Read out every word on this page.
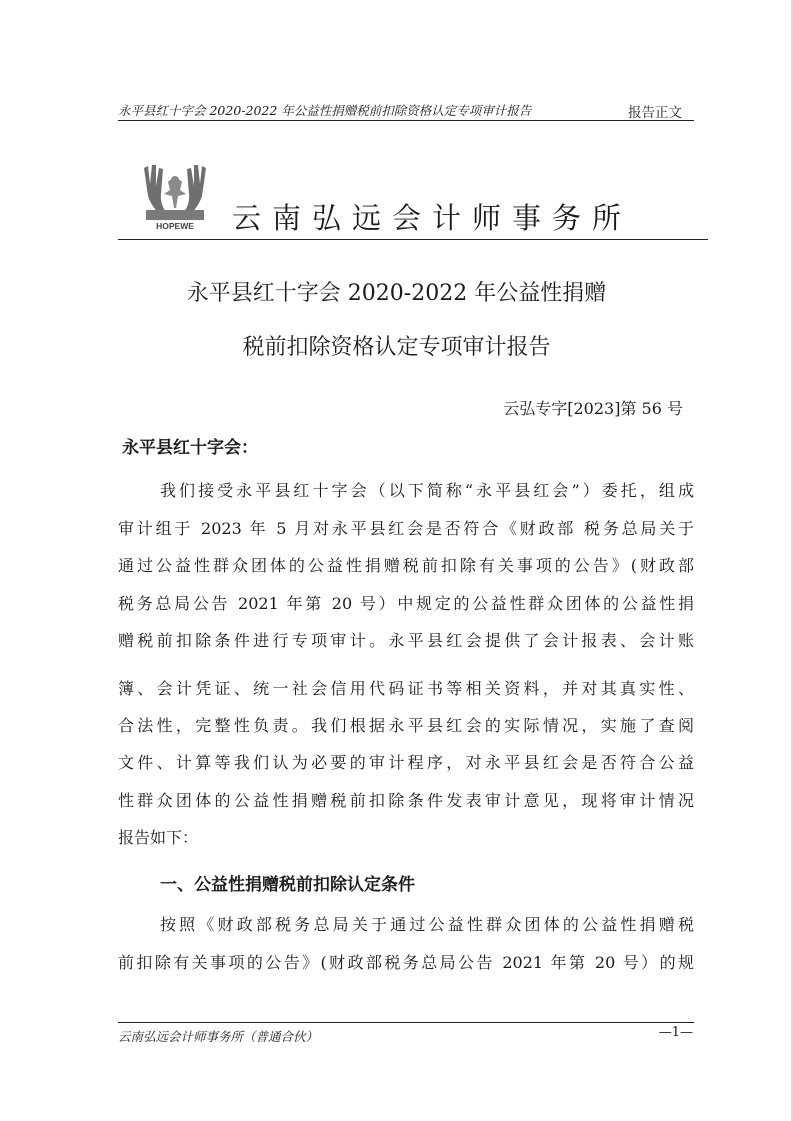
永平县红十字会 2020-2022 年公益性捐赠税前扣除资格认定专项审计报告	报告正文
HOPEWE 云南弘远会计师事务所
永平县红十字会 2020-2022 年公益性捐赠
税前扣除资格认定专项审计报告
云弘专字[2023]第 56 号
永平县红十字会：
我们接受永平县红十字会（以下简称“永平县红会”）委托，组成
审计组于 2023 年 5 月对永平县红会是否符合《财政部 税务总局关于
通过公益性群众团体的公益性捐赠税前扣除有关事项的公告》(财政部
税务总局公告 2021 年第 20 号）中规定的公益性群众团体的公益性捐
赠税前扣除条件进行专项审计。永平县红会提供了会计报表、会计账
簿、会计凭证、统一社会信用代码证书等相关资料，并对其真实性、
合法性，完整性负责。我们根据永平县红会的实际情况，实施了查阅
文件、计算等我们认为必要的审计程序，对永平县红会是否符合公益
性群众团体的公益性捐赠税前扣除条件发表审计意见，现将审计情况
报告如下：
一、公益性捐赠税前扣除认定条件
按照《财政部税务总局关于通过公益性群众团体的公益性捐赠税
前扣除有关事项的公告》(财政部税务总局公告 2021 年第 20 号）的规
云南弘远会计师事务所（普通合伙）	—1—
